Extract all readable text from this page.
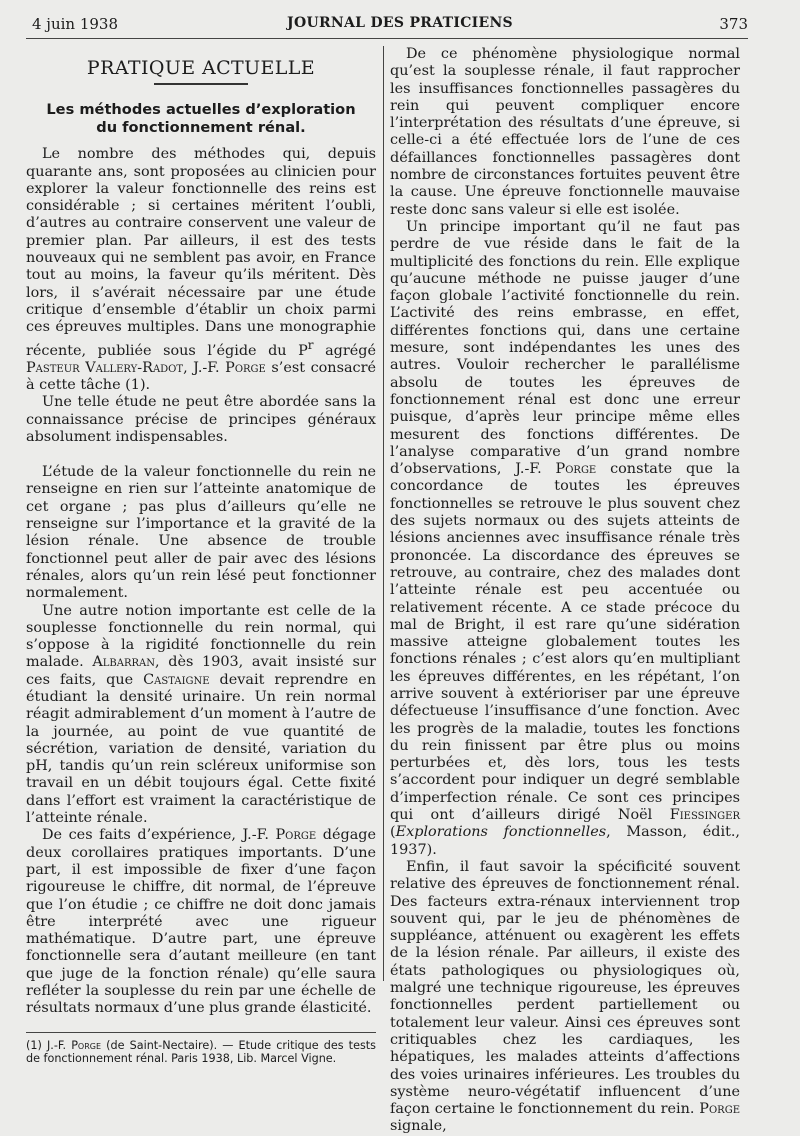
4 juin 1938	JOURNAL DES PRATICIENS	373
PRATIQUE ACTUELLE
Les méthodes actuelles d’exploration
du fonctionnement rénal.

Le nombre des méthodes qui, depuis quarante ans, sont proposées au clinicien pour explorer la valeur fonctionnelle des reins est considérable ; si certaines méritent l’oubli, d’autres au contraire conservent une valeur de premier plan. Par ailleurs, il est des tests nouveaux qui ne semblent pas avoir, en France tout au moins, la faveur qu’ils méritent. Dès lors, il s’avérait nécessaire par une étude critique d’ensemble d’établir un choix parmi ces épreuves multiples. Dans une monographie récente, publiée sous l’égide du $P^r$ agrégé Pasteur Vallery-Radot, J.-F. Porge s’est consacré à cette tâche (1).

Une telle étude ne peut être abordée sans la connaissance précise de principes généraux absolument indispensables.

L’étude de la valeur fonctionnelle du rein ne renseigne en rien sur l’atteinte anatomique de cet organe ; pas plus d’ailleurs qu’elle ne renseigne sur l’importance et la gravité de la lésion rénale. Une absence de trouble fonctionnel peut aller de pair avec des lésions rénales, alors qu’un rein lésé peut fonctionner normalement.

Une autre notion importante est celle de la souplesse fonctionnelle du rein normal, qui s’oppose à la rigidité fonctionnelle du rein malade. Albarran, dès 1903, avait insisté sur ces faits, que Castaigne devait reprendre en étudiant la densité urinaire. Un rein normal réagit admirablement d’un moment à l’autre de la journée, au point de vue quantité de sécrétion, variation de densité, variation du pH, tandis qu’un rein scléreux uniformise son travail en un débit toujours égal. Cette fixité dans l’effort est vraiment la caractéristique de l’atteinte rénale.

De ces faits d’expérience, J.-F. Porge dégage deux corollaires pratiques importants. D’une part, il est impossible de fixer d’une façon rigoureuse le chiffre, dit normal, de l’épreuve que l’on étudie ; ce chiffre ne doit donc jamais être interprété avec une rigueur mathématique. D’autre part, une épreuve fonctionnelle sera d’autant meilleure (en tant que juge de la fonction rénale) qu’elle saura refléter la souplesse du rein par une échelle de résultats normaux d’une plus grande élasticité.

(1) J.-F. Porge (de Saint-Nectaire). — Etude critique des tests de fonctionnement rénal. Paris 1938, Lib. Marcel Vigne.

De ce phénomène physiologique normal qu’est la souplesse rénale, il faut rapprocher les insuffisances fonctionnelles passagères du rein qui peuvent compliquer encore l’interprétation des résultats d’une épreuve, si celle-ci a été effectuée lors de l’une de ces défaillances fonctionnelles passagères dont nombre de circonstances fortuites peuvent être la cause. Une épreuve fonctionnelle mauvaise reste donc sans valeur si elle est isolée.

Un principe important qu’il ne faut pas perdre de vue réside dans le fait de la multiplicité des fonctions du rein. Elle explique qu’aucune méthode ne puisse jauger d’une façon globale l’activité fonctionnelle du rein. L’activité des reins embrasse, en effet, différentes fonctions qui, dans une certaine mesure, sont indépendantes les unes des autres. Vouloir rechercher le parallélisme absolu de toutes les épreuves de fonctionnement rénal est donc une erreur puisque, d’après leur principe même elles mesurent des fonctions différentes. De l’analyse comparative d’un grand nombre d’observations, J.-F. Porge constate que la concordance de toutes les épreuves fonctionnelles se retrouve le plus souvent chez des sujets normaux ou des sujets atteints de lésions anciennes avec insuffisance rénale très prononcée. La discordance des épreuves se retrouve, au contraire, chez des malades dont l’atteinte rénale est peu accentuée ou relativement récente. A ce stade précoce du mal de Bright, il est rare qu’une sidération massive atteigne globalement toutes les fonctions rénales ; c’est alors qu’en multipliant les épreuves différentes, en les répétant, l’on arrive souvent à extérioriser par une épreuve défectueuse l’insuffisance d’une fonction. Avec les progrès de la maladie, toutes les fonctions du rein finissent par être plus ou moins perturbées et, dès lors, tous les tests s’accordent pour indiquer un degré semblable d’imperfection rénale. Ce sont ces principes qui ont d’ailleurs dirigé Noël Fiessinger (Explorations fonctionnelles, Masson, édit., 1937).

Enfin, il faut savoir la spécificité souvent relative des épreuves de fonctionnement rénal. Des facteurs extra-rénaux interviennent trop souvent qui, par le jeu de phénomènes de suppléance, atténuent ou exagèrent les effets de la lésion rénale. Par ailleurs, il existe des états pathologiques ou physiologiques où, malgré une technique rigoureuse, les épreuves fonctionnelles perdent partiellement ou totalement leur valeur. Ainsi ces épreuves sont critiquables chez les cardiaques, les hépatiques, les malades atteints d’affections des voies urinaires inférieures. Les troubles du système neuro-végétatif influencent d’une façon certaine le fonctionnement du rein. Porge signale,
